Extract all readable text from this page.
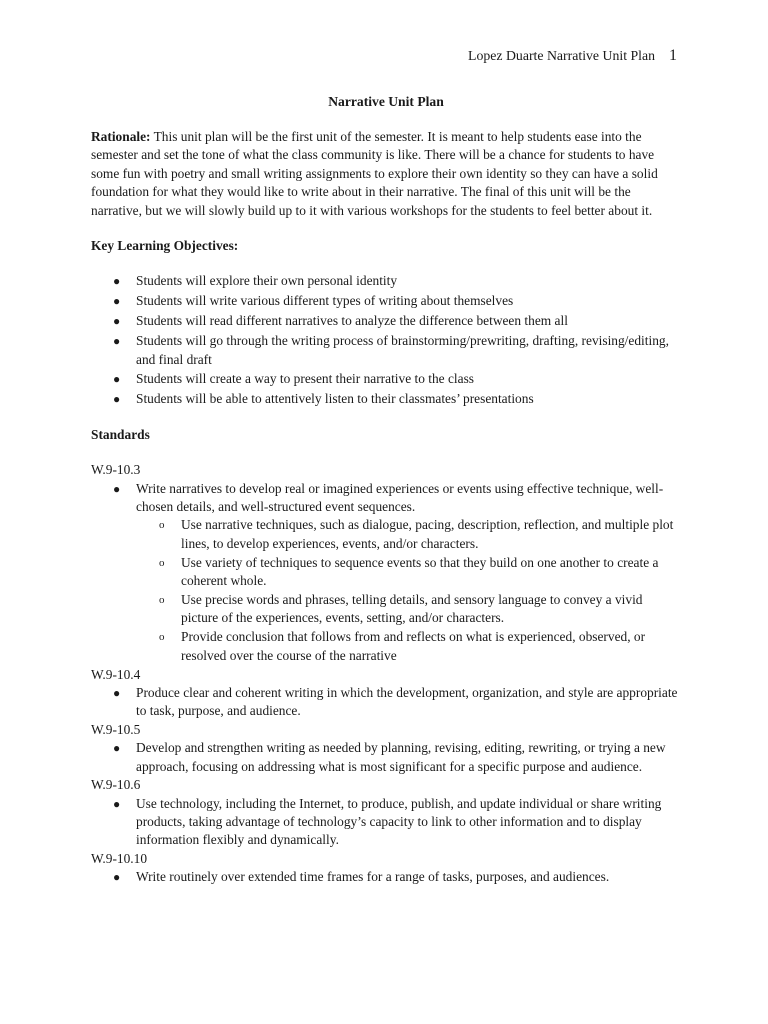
Lopez Duarte Narrative Unit Plan 1
Narrative Unit Plan
Rationale: This unit plan will be the first unit of the semester. It is meant to help students ease into the semester and set the tone of what the class community is like. There will be a chance for students to have some fun with poetry and small writing assignments to explore their own identity so they can have a solid foundation for what they would like to write about in their narrative. The final of this unit will be the narrative, but we will slowly build up to it with various workshops for the students to feel better about it.
Key Learning Objectives:
● Students will explore their own personal identity
● Students will write various different types of writing about themselves
● Students will read different narratives to analyze the difference between them all
● Students will go through the writing process of brainstorming/prewriting, drafting, revising/editing, and final draft
● Students will create a way to present their narrative to the class
● Students will be able to attentively listen to their classmates’ presentations
Standards
W.9-10.3
● Write narratives to develop real or imagined experiences or events using effective technique, well-chosen details, and well-structured event sequences.
o Use narrative techniques, such as dialogue, pacing, description, reflection, and multiple plot lines, to develop experiences, events, and/or characters.
o Use variety of techniques to sequence events so that they build on one another to create a coherent whole.
o Use precise words and phrases, telling details, and sensory language to convey a vivid picture of the experiences, events, setting, and/or characters.
o Provide conclusion that follows from and reflects on what is experienced, observed, or resolved over the course of the narrative
W.9-10.4
● Produce clear and coherent writing in which the development, organization, and style are appropriate to task, purpose, and audience.
W.9-10.5
● Develop and strengthen writing as needed by planning, revising, editing, rewriting, or trying a new approach, focusing on addressing what is most significant for a specific purpose and audience.
W.9-10.6
● Use technology, including the Internet, to produce, publish, and update individual or share writing products, taking advantage of technology’s capacity to link to other information and to display information flexibly and dynamically.
W.9-10.10
● Write routinely over extended time frames for a range of tasks, purposes, and audiences.
